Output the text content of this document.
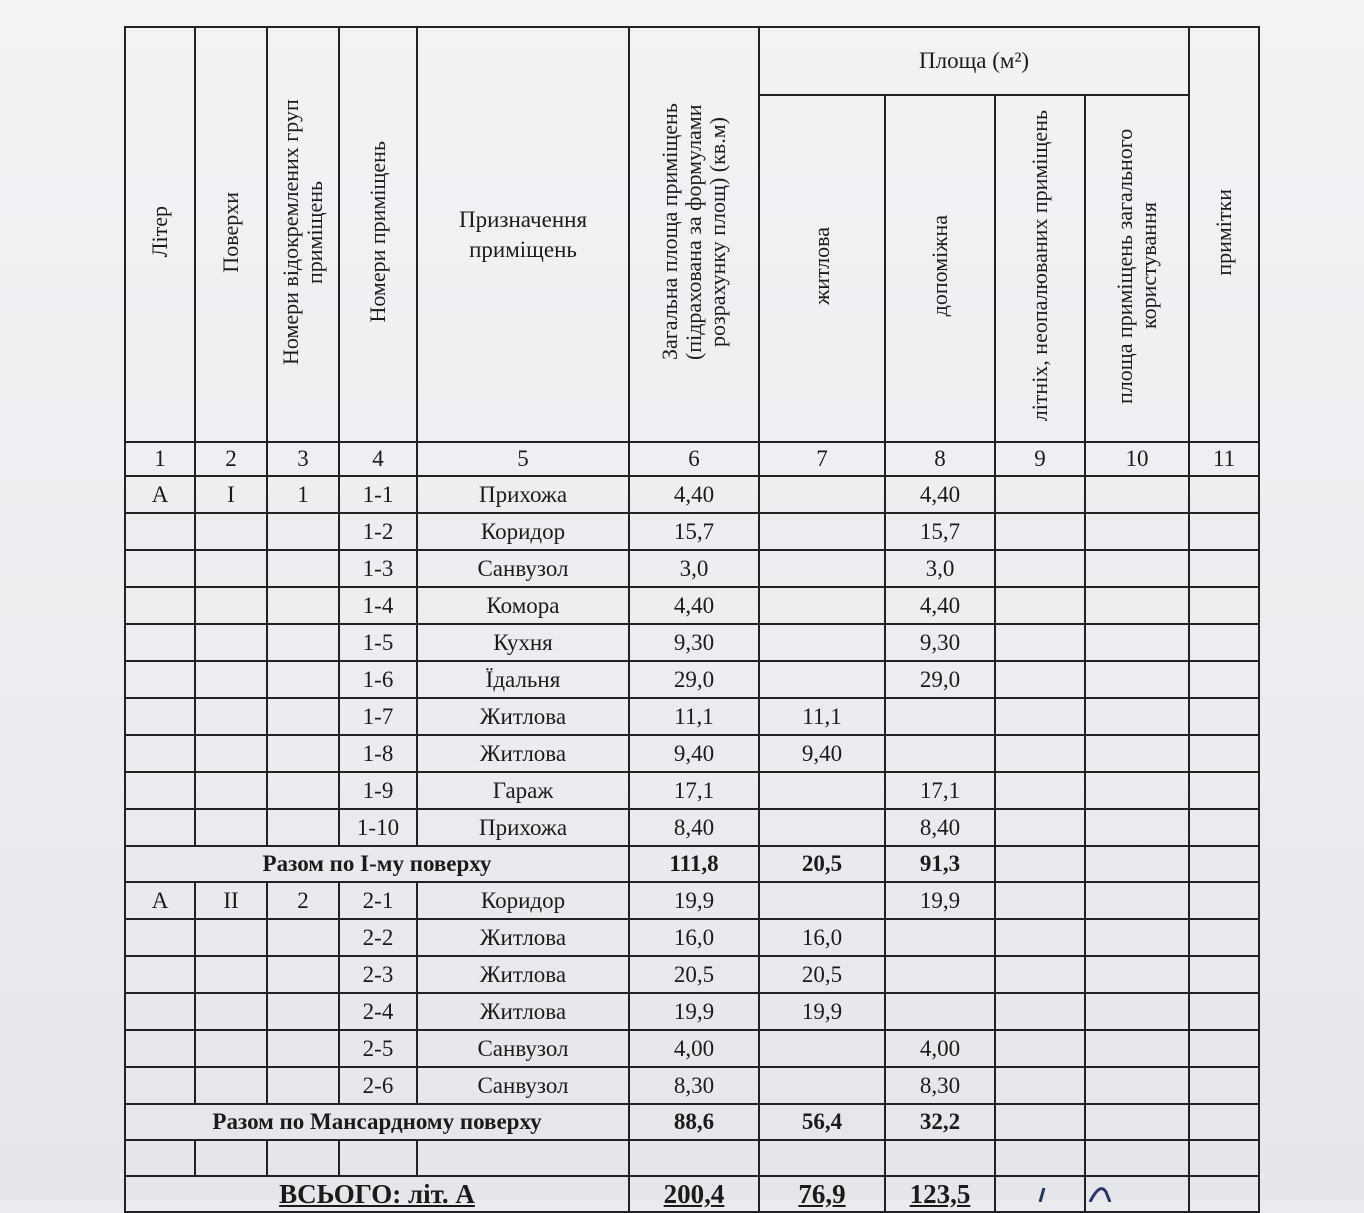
Літер	Поверхи	Номери відокремлених груп приміщень	Номери приміщень	Призначення приміщень	Загальна площа приміщень (підрахована за формулами розрахунку площ) (кв.м)	Площа (м²)				примітки
						житлова	допоміжна	літніх, неопалюваних приміщень	площа приміщень загального користування	
1	2	3	4	5	6	7	8	9	10	11
А	І	1	1-1	Прихожа	4,40		4,40			
			1-2	Коридор	15,7		15,7			
			1-3	Санвузол	3,0		3,0			
			1-4	Комора	4,40		4,40			
			1-5	Кухня	9,30		9,30			
			1-6	Їдальня	29,0		29,0			
			1-7	Житлова	11,1	11,1				
			1-8	Житлова	9,40	9,40				
			1-9	Гараж	17,1		17,1			
			1-10	Прихожа	8,40		8,40			
Разом по І-му поверху					111,8	20,5	91,3			
А	ІІ	2	2-1	Коридор	19,9		19,9			
			2-2	Житлова	16,0	16,0				
			2-3	Житлова	20,5	20,5				
			2-4	Житлова	19,9	19,9				
			2-5	Санвузол	4,00		4,00			
			2-6	Санвузол	8,30		8,30			
Разом по Мансардному поверху					88,6	56,4	32,2			

ВСЬОГО: літ. А					200,4	76,9	123,5			
